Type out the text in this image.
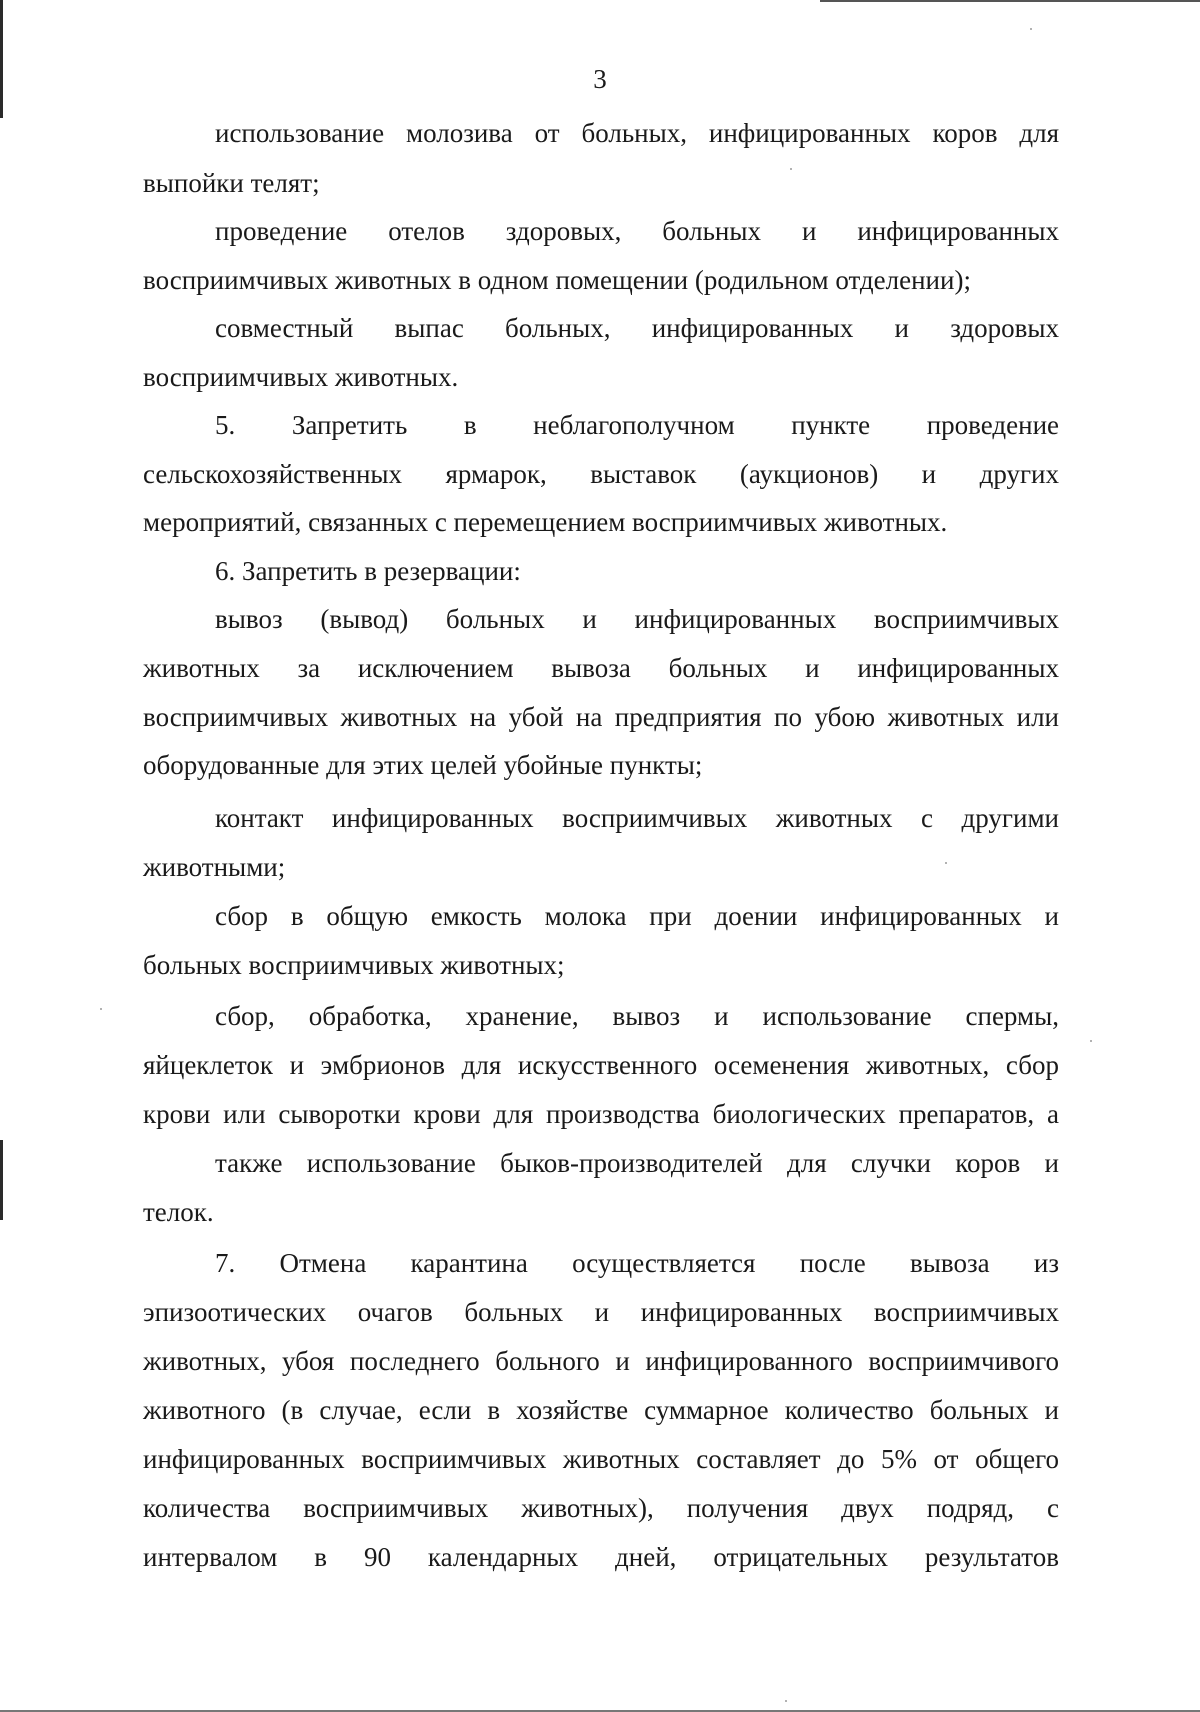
3
использование молозива от больных, инфицированных коров для
выпойки телят;
проведение отелов здоровых, больных и инфицированных
восприимчивых животных в одном помещении (родильном отделении);
совместный выпас больных, инфицированных и здоровых
восприимчивых животных.
5. Запретить в неблагополучном пункте проведение
сельскохозяйственных ярмарок, выставок (аукционов) и других
мероприятий, связанных с перемещением восприимчивых животных.
6. Запретить в резервации:
вывоз (вывод) больных и инфицированных восприимчивых
животных за исключением вывоза больных и инфицированных
восприимчивых животных на убой на предприятия по убою животных или
оборудованные для этих целей убойные пункты;
контакт инфицированных восприимчивых животных с другими
животными;
сбор в общую емкость молока при доении инфицированных и
больных восприимчивых животных;
сбор, обработка, хранение, вывоз и использование спермы,
яйцеклеток и эмбрионов для искусственного осеменения животных, сбор
крови или сыворотки крови для производства биологических препаратов, а
также использование быков-производителей для случки коров и
телок.
7. Отмена карантина осуществляется после вывоза из
эпизоотических очагов больных и инфицированных восприимчивых
животных, убоя последнего больного и инфицированного восприимчивого
животного (в случае, если в хозяйстве суммарное количество больных и
инфицированных восприимчивых животных составляет до 5% от общего
количества восприимчивых животных), получения двух подряд, с
интервалом в 90 календарных дней, отрицательных результатов
